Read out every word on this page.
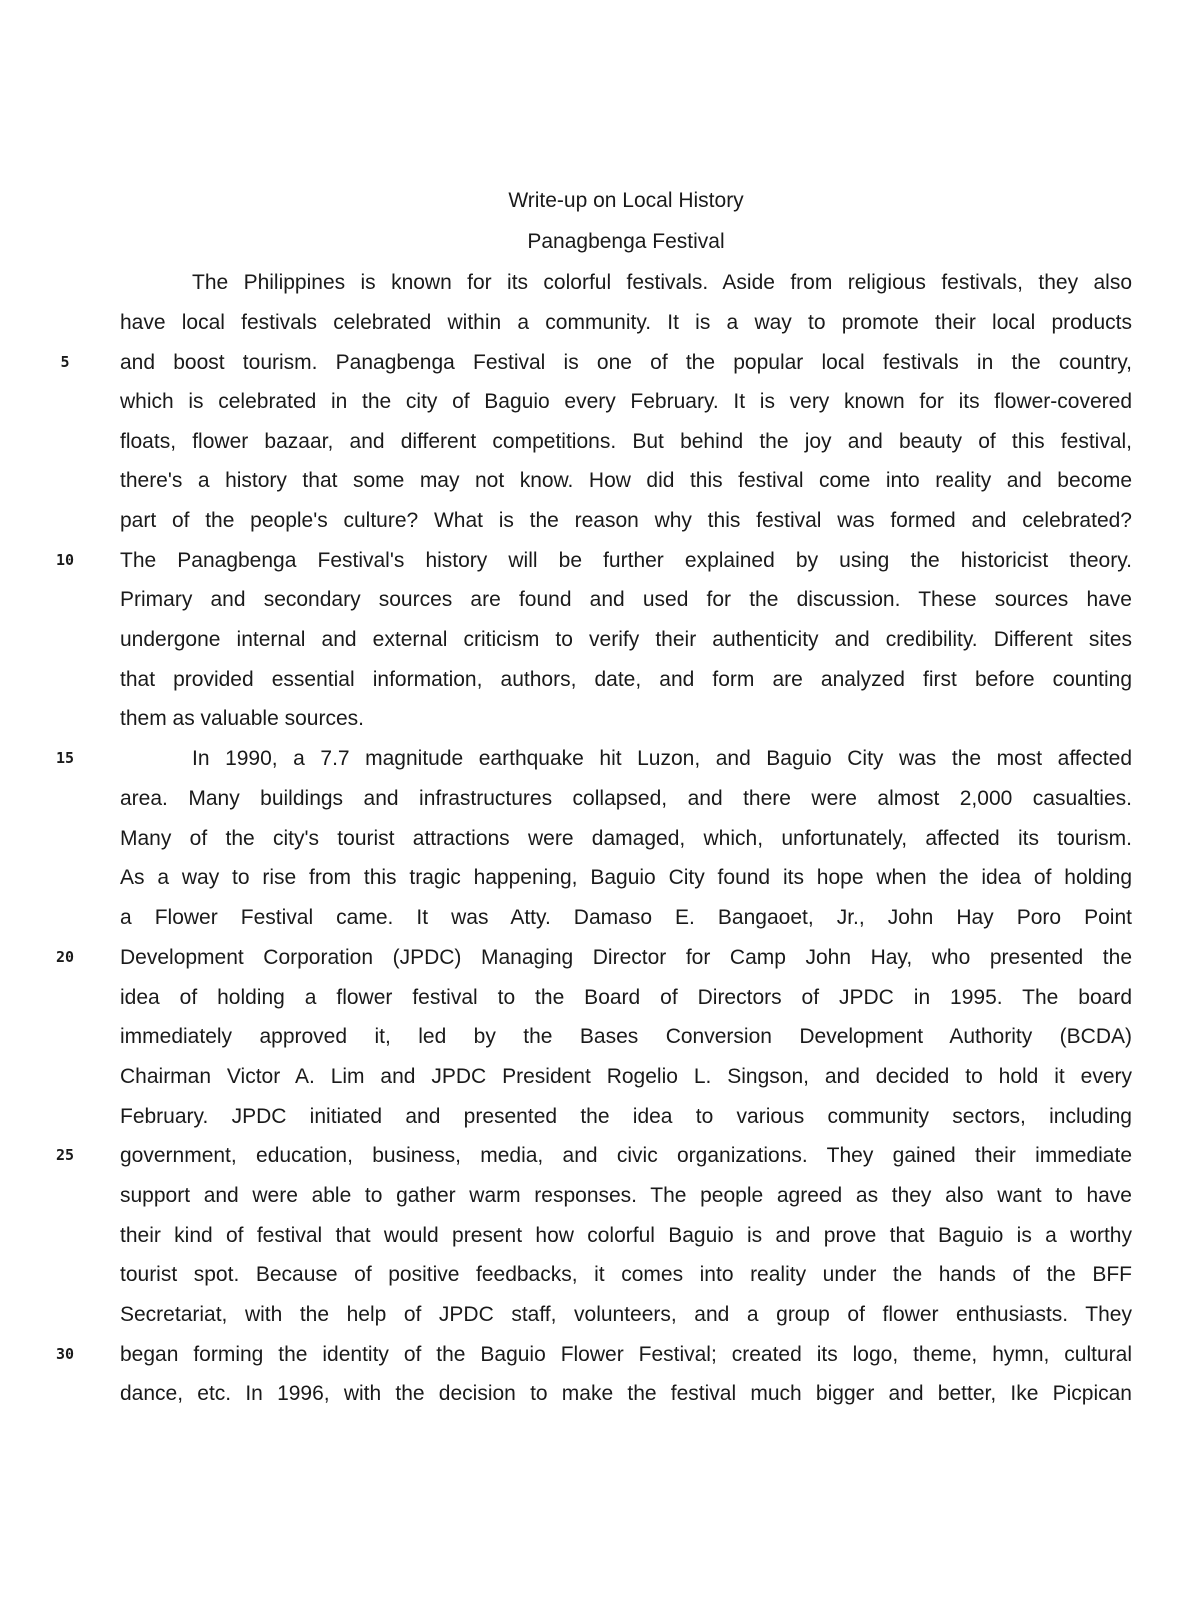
Write-up on Local History
Panagbenga Festival
The Philippines is known for its colorful festivals. Aside from religious festivals, they also
have local festivals celebrated within a community. It is a way to promote their local products
and boost tourism. Panagbenga Festival is one of the popular local festivals in the country,
which is celebrated in the city of Baguio every February. It is very known for its flower-covered
floats, flower bazaar, and different competitions. But behind the joy and beauty of this festival,
there's a history that some may not know. How did this festival come into reality and become
part of the people's culture? What is the reason why this festival was formed and celebrated?
The Panagbenga Festival's history will be further explained by using the historicist theory.
Primary and secondary sources are found and used for the discussion. These sources have
undergone internal and external criticism to verify their authenticity and credibility. Different sites
that provided essential information, authors, date, and form are analyzed first before counting
them as valuable sources.
In 1990, a 7.7 magnitude earthquake hit Luzon, and Baguio City was the most affected
area. Many buildings and infrastructures collapsed, and there were almost 2,000 casualties.
Many of the city's tourist attractions were damaged, which, unfortunately, affected its tourism.
As a way to rise from this tragic happening, Baguio City found its hope when the idea of holding
a Flower Festival came. It was Atty. Damaso E. Bangaoet, Jr., John Hay Poro Point
Development Corporation (JPDC) Managing Director for Camp John Hay, who presented the
idea of holding a flower festival to the Board of Directors of JPDC in 1995. The board
immediately approved it, led by the Bases Conversion Development Authority (BCDA)
Chairman Victor A. Lim and JPDC President Rogelio L. Singson, and decided to hold it every
February. JPDC initiated and presented the idea to various community sectors, including
government, education, business, media, and civic organizations. They gained their immediate
support and were able to gather warm responses. The people agreed as they also want to have
their kind of festival that would present how colorful Baguio is and prove that Baguio is a worthy
tourist spot. Because of positive feedbacks, it comes into reality under the hands of the BFF
Secretariat, with the help of JPDC staff, volunteers, and a group of flower enthusiasts. They
began forming the identity of the Baguio Flower Festival; created its logo, theme, hymn, cultural
dance, etc. In 1996, with the decision to make the festival much bigger and better, Ike Picpican
5
10
15
20
25
30
